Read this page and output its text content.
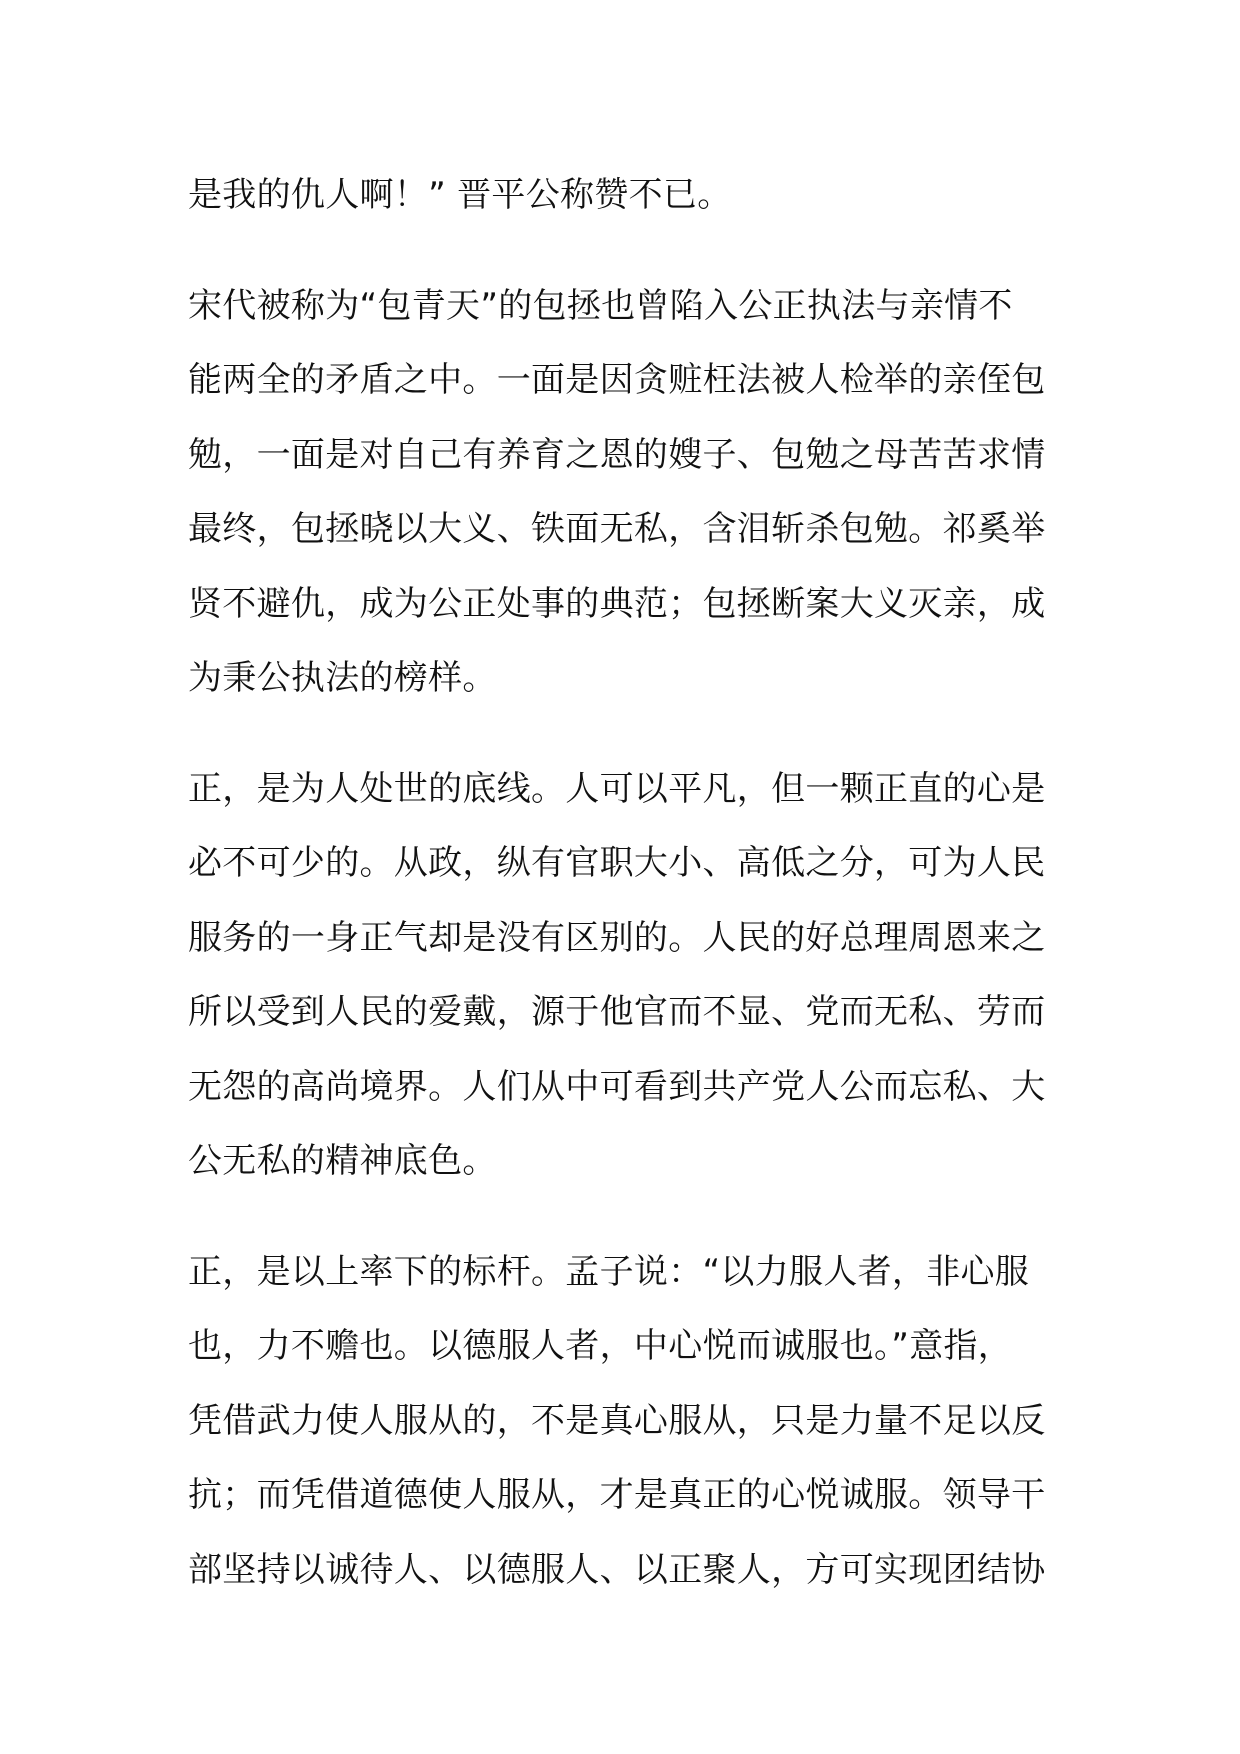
是我的仇人啊！” 晋平公称赞不已。
宋代被称为“包青天”的包拯也曾陷入公正执法与亲情不
能两全的矛盾之中。一面是因贪赃枉法被人检举的亲侄包
勉，一面是对自己有养育之恩的嫂子、包勉之母苦苦求情
最终，包拯晓以大义、铁面无私，含泪斩杀包勉。祁奚举
贤不避仇，成为公正处事的典范；包拯断案大义灭亲，成
为秉公执法的榜样。
正，是为人处世的底线。人可以平凡，但一颗正直的心是
必不可少的。从政，纵有官职大小、高低之分，可为人民
服务的一身正气却是没有区别的。人民的好总理周恩来之
所以受到人民的爱戴，源于他官而不显、党而无私、劳而
无怨的高尚境界。人们从中可看到共产党人公而忘私、大
公无私的精神底色。
正，是以上率下的标杆。孟子说：“以力服人者，非心服
也，力不赡也。以德服人者，中心悦而诚服也。”意指，
凭借武力使人服从的，不是真心服从，只是力量不足以反
抗；而凭借道德使人服从，才是真正的心悦诚服。领导干
部坚持以诚待人、以德服人、以正聚人，方可实现团结协
